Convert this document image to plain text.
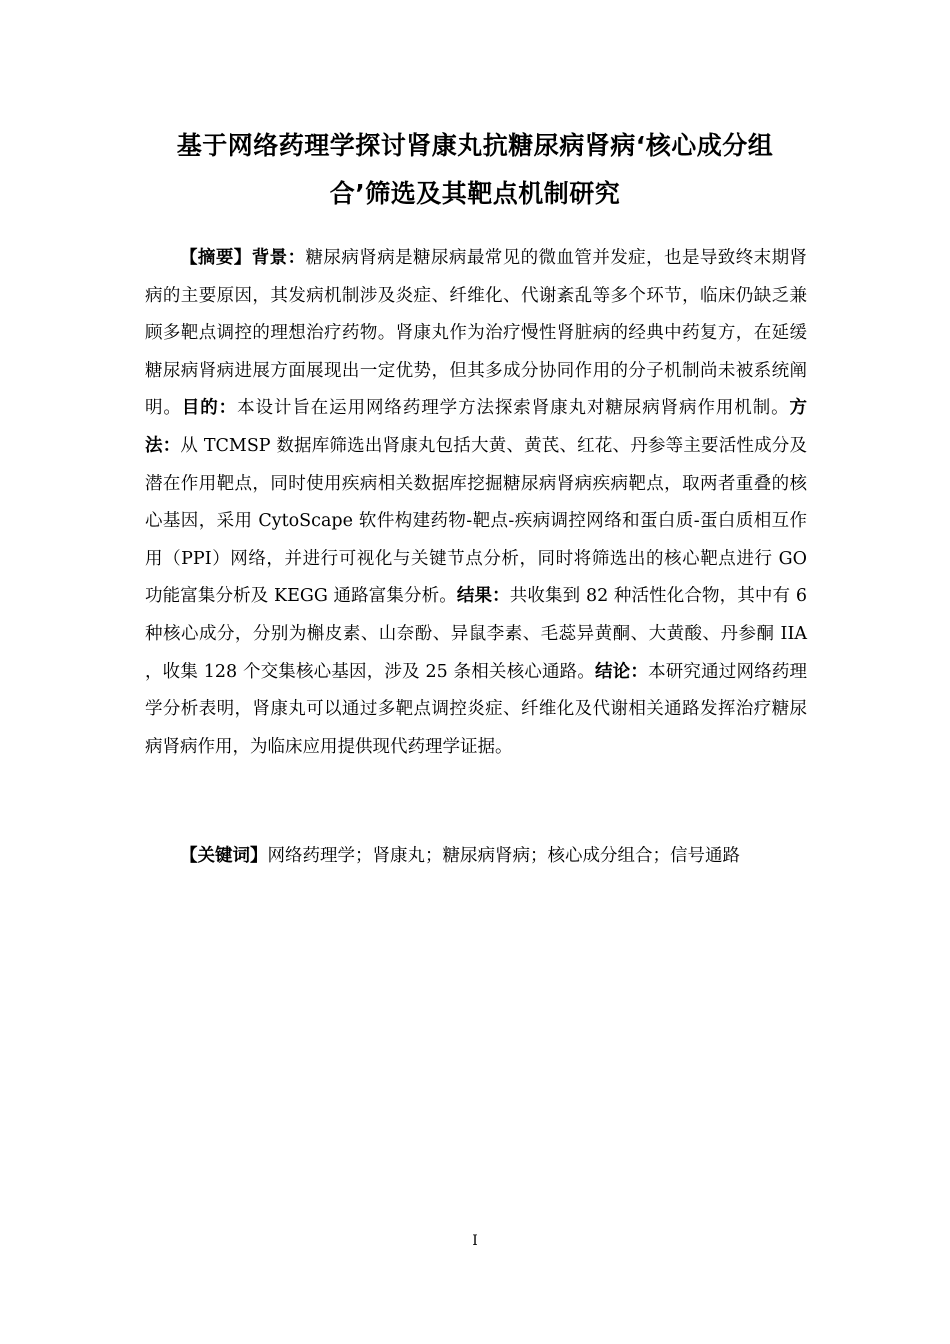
基于网络药理学探讨肾康丸抗糖尿病肾病‘核心成分组
合’筛选及其靶点机制研究

【摘要】背景：糖尿病肾病是糖尿病最常见的微血管并发症，也是导致终末期肾病的主要原因，其发病机制涉及炎症、纤维化、代谢紊乱等多个环节，临床仍缺乏兼顾多靶点调控的理想治疗药物。肾康丸作为治疗慢性肾脏病的经典中药复方，在延缓糖尿病肾病进展方面展现出一定优势，但其多成分协同作用的分子机制尚未被系统阐明。目的：本设计旨在运用网络药理学方法探索肾康丸对糖尿病肾病作用机制。方法：从 TCMSP 数据库筛选出肾康丸包括大黄、黄芪、红花、丹参等主要活性成分及潜在作用靶点，同时使用疾病相关数据库挖掘糖尿病肾病疾病靶点，取两者重叠的核心基因，采用 CytoScape 软件构建药物-靶点-疾病调控网络和蛋白质-蛋白质相互作用（PPI）网络，并进行可视化与关键节点分析，同时将筛选出的核心靶点进行 GO 功能富集分析及 KEGG 通路富集分析。结果：共收集到 82 种活性化合物，其中有 6 种核心成分，分别为槲皮素、山奈酚、异鼠李素、毛蕊异黄酮、大黄酸、丹参酮 IIA ，收集 128 个交集核心基因，涉及 25 条相关核心通路。结论：本研究通过网络药理学分析表明，肾康丸可以通过多靶点调控炎症、纤维化及代谢相关通路发挥治疗糖尿病肾病作用，为临床应用提供现代药理学证据。

【关键词】网络药理学；肾康丸；糖尿病肾病；核心成分组合；信号通路

I
